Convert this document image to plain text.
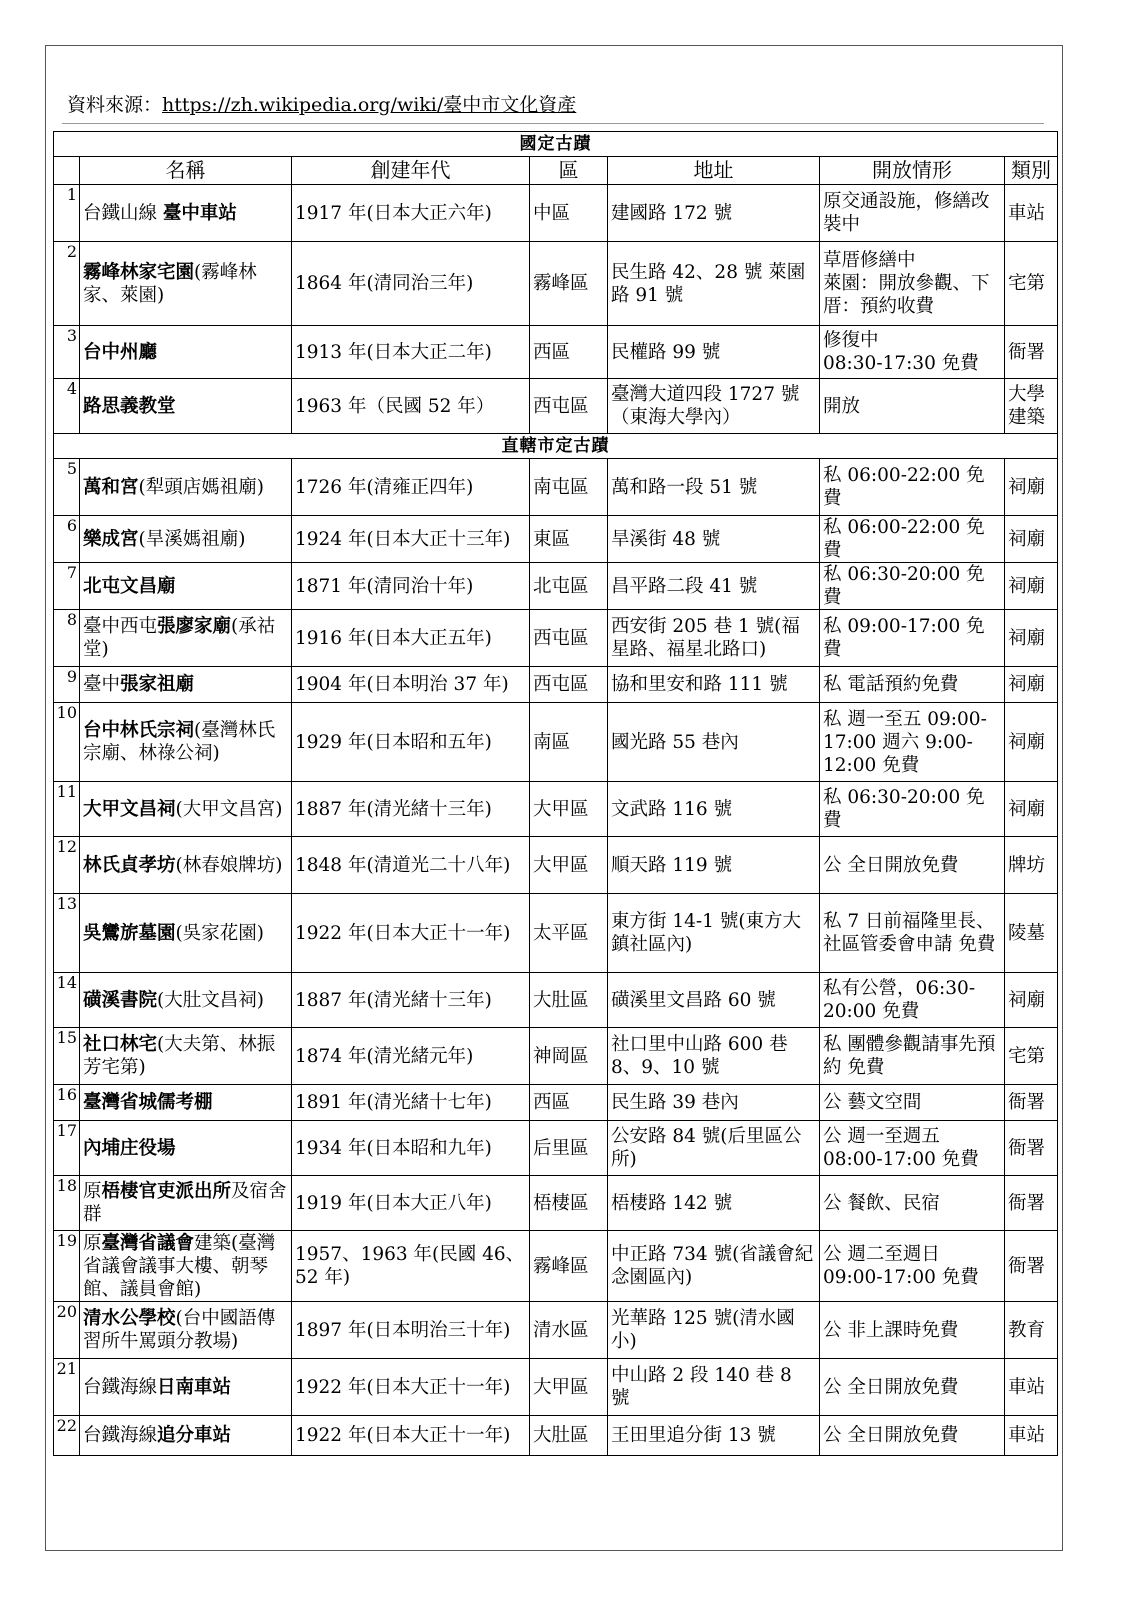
資料來源：https://zh.wikipedia.org/wiki/臺中市文化資產
國定古蹟						
	名稱	創建年代	區	地址	開放情形	類別

1	台鐵山線 臺中車站	1917 年(日本大正六年)	中區	建國路 172 號	原交通設施，修繕改裝中	車站

2	霧峰林家宅園(霧峰林家、萊園)	1864 年(清同治三年)	霧峰區	民生路 42、28 號 萊園路 91 號	草厝修繕中
萊園：開放參觀、下厝：預約收費	宅第

3	台中州廳	1913 年(日本大正二年)	西區	民權路 99 號	修復中
08:30-17:30 免費	衙署

4	路思義教堂	1963 年（民國 52 年）	西屯區	臺灣大道四段 1727 號（東海大學內）	開放	大學建築
直轄市定古蹟						

5	萬和宮(犁頭店媽祖廟)	1726 年(清雍正四年)	南屯區	萬和路一段 51 號	私 06:00-22:00 免費	祠廟

6	樂成宮(旱溪媽祖廟)	1924 年(日本大正十三年)	東區	旱溪街 48 號	私 06:00-22:00 免費	祠廟

7	北屯文昌廟	1871 年(清同治十年)	北屯區	昌平路二段 41 號	私 06:30-20:00 免費	祠廟

8	臺中西屯張廖家廟(承祜堂)	1916 年(日本大正五年)	西屯區	西安街 205 巷 1 號(福星路、福星北路口)	私 09:00-17:00 免費	祠廟

9	臺中張家祖廟	1904 年(日本明治 37 年)	西屯區	協和里安和路 111 號	私 電話預約免費	祠廟

10	台中林氏宗祠(臺灣林氏宗廟、林祿公祠)	1929 年(日本昭和五年)	南區	國光路 55 巷內	私 週一至五 09:00-17:00 週六 9:00-12:00 免費	祠廟

11	大甲文昌祠(大甲文昌宮)	1887 年(清光緒十三年)	大甲區	文武路 116 號	私 06:30-20:00 免費	祠廟

12	林氏貞孝坊(林春娘牌坊)	1848 年(清道光二十八年)	大甲區	順天路 119 號	公 全日開放免費	牌坊

13	吳鸞旂墓園(吳家花園)	1922 年(日本大正十一年)	太平區	東方街 14-1 號(東方大鎮社區內)	私 7 日前福隆里長、社區管委會申請 免費	陵墓

14	磺溪書院(大肚文昌祠)	1887 年(清光緒十三年)	大肚區	磺溪里文昌路 60 號	私有公營，06:30-20:00 免費	祠廟

15	社口林宅(大夫第、林振芳宅第)	1874 年(清光緒元年)	神岡區	社口里中山路 600 巷 8、9、10 號	私 團體參觀請事先預約 免費	宅第

16	臺灣省城儒考棚	1891 年(清光緒十七年)	西區	民生路 39 巷內	公 藝文空間	衙署

17	內埔庄役場	1934 年(日本昭和九年)	后里區	公安路 84 號(后里區公所)	公 週一至週五 08:00-17:00 免費	衙署

18	原梧棲官吏派出所及宿舍群	1919 年(日本大正八年)	梧棲區	梧棲路 142 號	公 餐飲、民宿	衙署

19	原臺灣省議會建築(臺灣省議會議事大樓、朝琴館、議員會館)	1957、1963 年(民國 46、52 年)	霧峰區	中正路 734 號(省議會紀念園區內)	公 週二至週日 09:00-17:00 免費	衙署

20	清水公學校(台中國語傳習所牛罵頭分教場)	1897 年(日本明治三十年)	清水區	光華路 125 號(清水國小)	公 非上課時免費	教育

21	台鐵海線日南車站	1922 年(日本大正十一年)	大甲區	中山路 2 段 140 巷 8 號	公 全日開放免費	車站

22	台鐵海線追分車站	1922 年(日本大正十一年)	大肚區	王田里追分街 13 號	公 全日開放免費	車站
